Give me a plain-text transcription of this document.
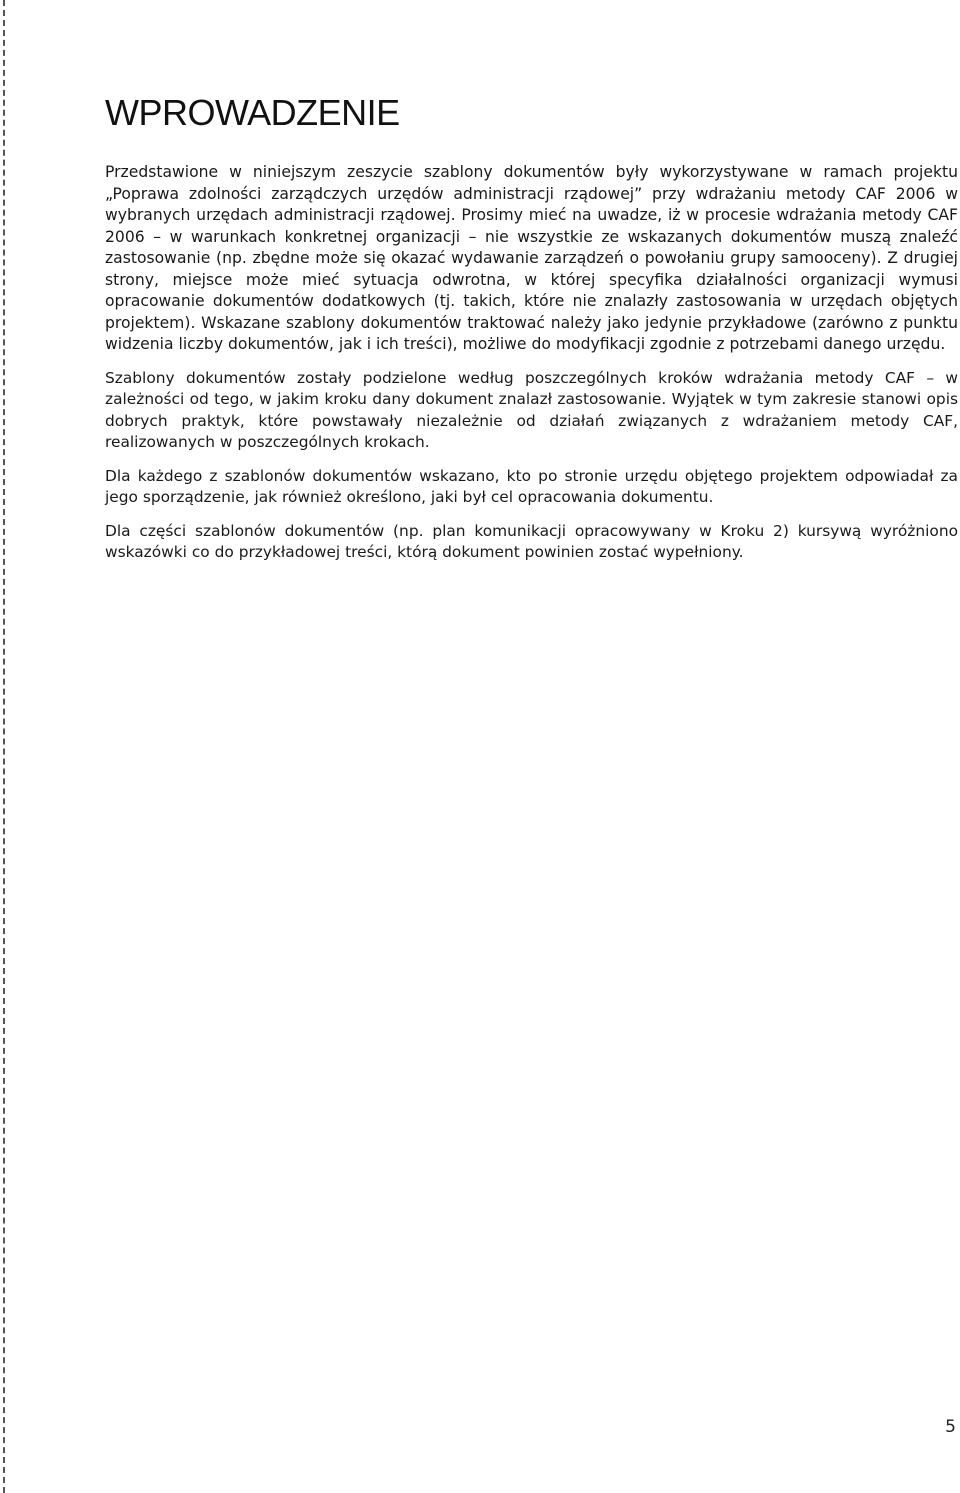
WPROWADZENIE

Przedstawione w niniejszym zeszycie szablony dokumentów były wykorzystywane w ramach projektu „Poprawa zdolności zarządczych urzędów administracji rządowej” przy wdrażaniu metody CAF 2006 w wybranych urzędach administracji rządowej. Prosimy mieć na uwadze, iż w procesie wdrażania metody CAF 2006 – w warunkach konkretnej organizacji – nie wszystkie ze wskazanych dokumentów muszą znaleźć zastosowanie (np. zbędne może się okazać wydawanie zarządzeń o powołaniu grupy samooceny). Z drugiej strony, miejsce może mieć sytuacja odwrotna, w której specyfika działalności organizacji wymusi opracowanie dokumentów dodatkowych (tj. takich, które nie znalazły zastosowania w urzędach objętych projektem). Wskazane szablony dokumentów traktować należy jako jedynie przykładowe (zarówno z punktu widzenia liczby dokumentów, jak i ich treści), możliwe do modyfikacji zgodnie z potrzebami danego urzędu.

Szablony dokumentów zostały podzielone według poszczególnych kroków wdrażania metody CAF – w zależności od tego, w jakim kroku dany dokument znalazł zastosowanie. Wyjątek w tym zakresie stanowi opis dobrych praktyk, które powstawały niezależnie od działań związanych z wdrażaniem metody CAF, realizowanych w poszczególnych krokach.

Dla każdego z szablonów dokumentów wskazano, kto po stronie urzędu objętego projektem odpowiadał za jego sporządzenie, jak również określono, jaki był cel opracowania dokumentu.

Dla części szablonów dokumentów (np. plan komunikacji opracowywany w Kroku 2) kursywą wyróżniono wskazówki co do przykładowej treści, którą dokument powinien zostać wypełniony.

5
